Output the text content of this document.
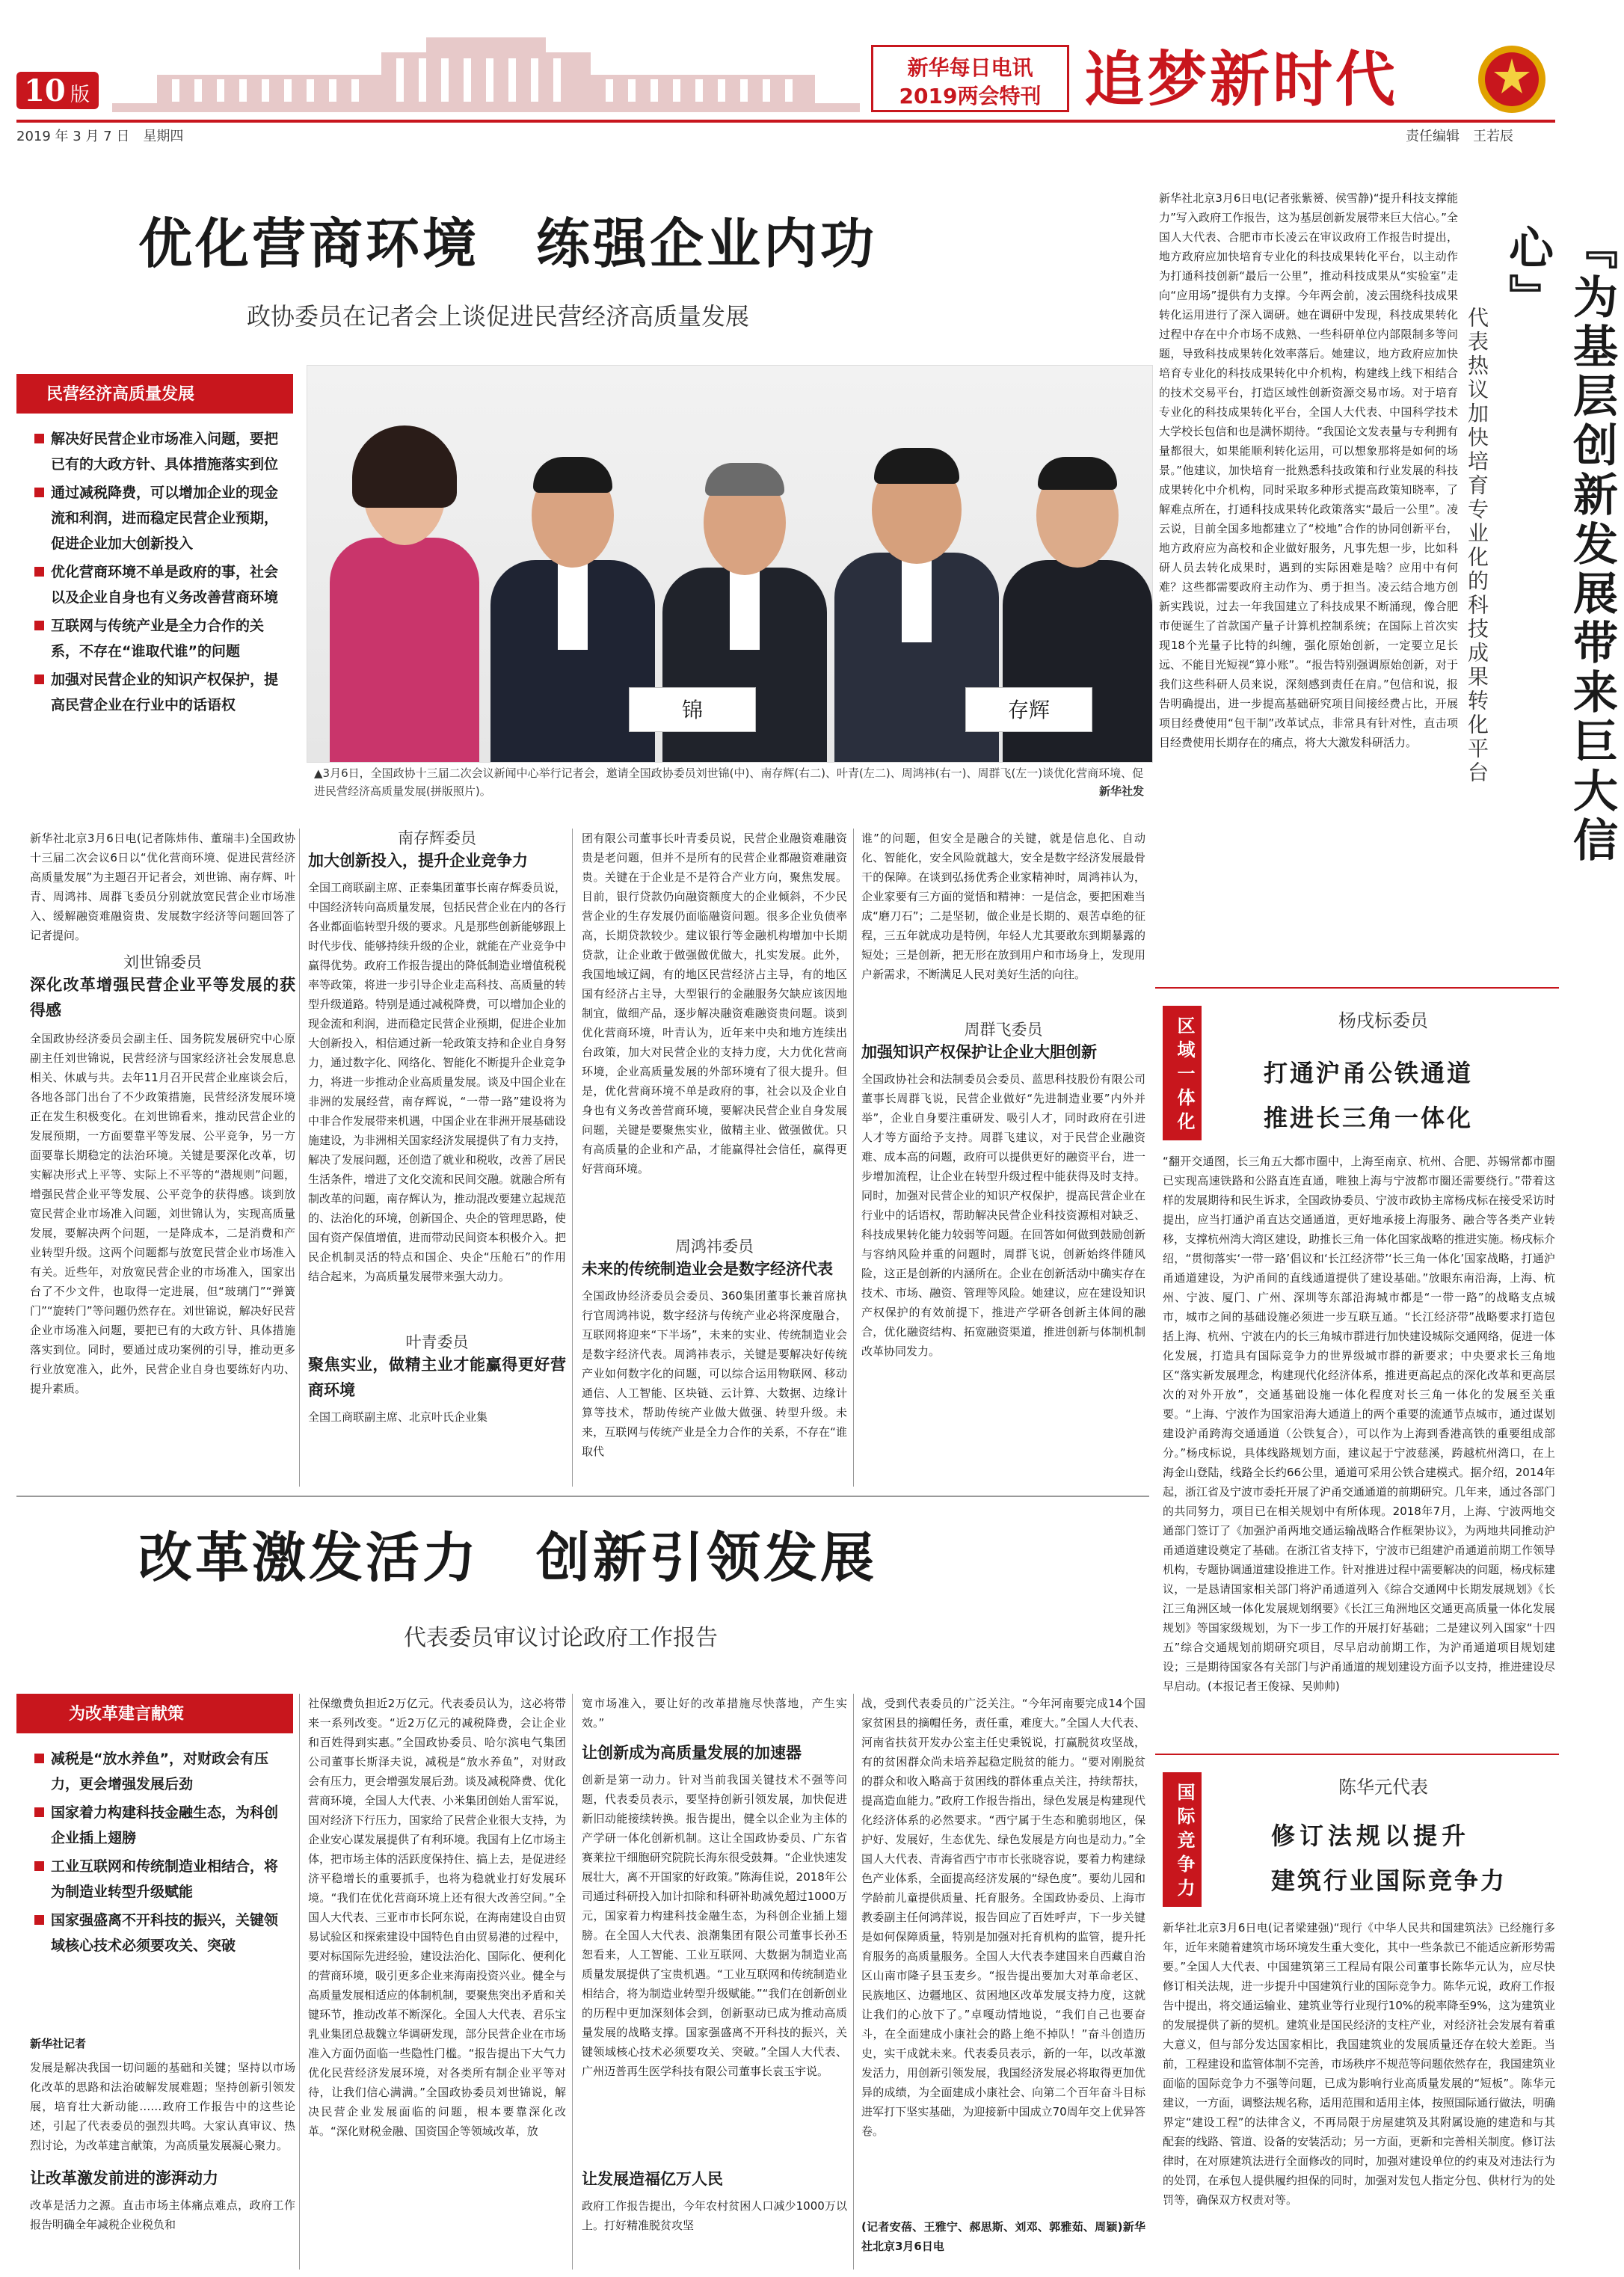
10 版
新华每日电讯
2019两会特刊 追梦新时代
2019 年 3 月 7 日　星期四	责任编辑　王若辰
优化营商环境　练强企业内功
政协委员在记者会上谈促进民营经济高质量发展
民营经济高质量发展
解决好民营企业市场准入问题，要把已有的大政方针、具体措施落实到位
通过减税降费，可以增加企业的现金流和利润，进而稳定民营企业预期，促进企业加大创新投入
优化营商环境不单是政府的事，社会以及企业自身也有义务改善营商环境
互联网与传统产业是全力合作的关系，不存在“谁取代谁”的问题
加强对民营企业的知识产权保护，提高民营企业在行业中的话语权	锦	存辉
▲3月6日，全国政协十三届二次会议新闻中心举行记者会，邀请全国政协委员刘世锦(中)、南存辉(右二)、叶青(左二)、周鸿祎(右一)、周群飞(左一)谈优化营商环境、促进民营经济高质量发展(拼版照片)。	新华社发
新华社北京3月6日电(记者陈炜伟、董瑞丰)全国政协十三届二次会议6日以“优化营商环境、促进民营经济高质量发展”为主题召开记者会，刘世锦、南存辉、叶青、周鸿祎、周群飞委员分别就放宽民营企业市场准入、缓解融资难融资贵、发展数字经济等问题回答了记者提问。
刘世锦委员
深化改革增强民营企业平等发展的获得感
全国政协经济委员会副主任、国务院发展研究中心原副主任刘世锦说，民营经济与国家经济社会发展息息相关、休戚与共。去年11月召开民营企业座谈会后，各地各部门出台了不少政策措施，民营经济发展环境正在发生积极变化。在刘世锦看来，推动民营企业的发展预期，一方面要靠平等发展、公平竞争，另一方面要靠长期稳定的法治环境。关键是要深化改革，切实解决形式上平等、实际上不平等的“潜规则”问题，增强民营企业平等发展、公平竞争的获得感。谈到放宽民营企业市场准入问题，刘世锦认为，实现高质量发展，要解决两个问题，一是降成本，二是消费和产业转型升级。这两个问题都与放宽民营企业市场准入有关。近些年，对放宽民营企业的市场准入，国家出台了不少文件，也取得一定进展，但“玻璃门”“弹簧门”“旋转门”等问题仍然存在。刘世锦说，解决好民营企业市场准入问题，要把已有的大政方针、具体措施落实到位。同时，要通过成功案例的引导，推动更多行业放宽准入，此外，民营企业自身也要练好内功、提升素质。
南存辉委员
加大创新投入，提升企业竞争力
全国工商联副主席、正泰集团董事长南存辉委员说，中国经济转向高质量发展，包括民营企业在内的各行各业都面临转型升级的要求。凡是那些创新能够跟上时代步伐、能够持续升级的企业，就能在产业竞争中赢得优势。政府工作报告提出的降低制造业增值税税率等政策，将进一步引导企业走高科技、高质量的转型升级道路。特别是通过减税降费，可以增加企业的现金流和利润，进而稳定民营企业预期，促进企业加大创新投入，相信通过新一轮政策支持和企业自身努力，通过数字化、网络化、智能化不断提升企业竞争力，将进一步推动企业高质量发展。谈及中国企业在非洲的发展经营，南存辉说，“一带一路”建设将为中非合作发展带来机遇，中国企业在非洲开展基础设施建设，为非洲相关国家经济发展提供了有力支持，解决了发展问题，还创造了就业和税收，改善了居民生活条件，增进了文化交流和民间交融。就融合所有制改革的问题，南存辉认为，推动混改要建立起规范的、法治化的环境，创新国企、央企的管理思路，使国有资产保值增值，进而带动民间资本积极介入。把民企机制灵活的特点和国企、央企“压舱石”的作用结合起来，为高质量发展带来强大动力。
叶青委员
聚焦实业，做精主业才能赢得更好营商环境
全国工商联副主席、北京叶氏企业集
团有限公司董事长叶青委员说，民营企业融资难融资贵是老问题，但并不是所有的民营企业都融资难融资贵。关键在于企业是不是符合产业方向，聚焦发展。目前，银行贷款仍向融资额度大的企业倾斜，不少民营企业的生存发展仍面临融资问题。很多企业负债率高，长期贷款较少。建议银行等金融机构增加中长期贷款，让企业敢于做强做优做大，扎实发展。此外，我国地域辽阔，有的地区民营经济占主导，有的地区国有经济占主导，大型银行的金融服务欠缺应该因地制宜，做细产品，逐步解决融资难融资贵问题。谈到优化营商环境，叶青认为，近年来中央和地方连续出台政策，加大对民营企业的支持力度，大力优化营商环境，企业高质量发展的外部环境有了很大提升。但是，优化营商环境不单是政府的事，社会以及企业自身也有义务改善营商环境，要解决民营企业自身发展问题，关键是要聚焦实业，做精主业、做强做优。只有高质量的企业和产品，才能赢得社会信任，赢得更好营商环境。
周鸿祎委员
未来的传统制造业会是数字经济代表
全国政协经济委员会委员、360集团董事长兼首席执行官周鸿祎说，数字经济与传统产业必将深度融合，互联网将迎来“下半场”，未来的实业、传统制造业会是数字经济代表。周鸿祎表示，关键是要解决好传统产业如何数字化的问题，可以综合运用物联网、移动通信、人工智能、区块链、云计算、大数据、边缘计算等技术，帮助传统产业做大做强、转型升级。未来，互联网与传统产业是全力合作的关系，不存在“谁取代
谁”的问题，但安全是融合的关键，就是信息化、自动化、智能化，安全风险就越大，安全是数字经济发展最骨干的保障。在谈到弘扬优秀企业家精神时，周鸿祎认为，企业家要有三方面的觉悟和精神：一是信念，要把困难当成“磨刀石”；二是坚韧，做企业是长期的、艰苦卓绝的征程，三五年就成功是特例，年轻人尤其要敢东到期暴露的短处；三是创新，把无形在放到用户和市场身上，发现用户新需求，不断满足人民对美好生活的向往。
周群飞委员
加强知识产权保护让企业大胆创新
全国政协社会和法制委员会委员、蓝思科技股份有限公司董事长周群飞说，民营企业做好“先进制造业要”内外并举”，企业自身要注重研发、吸引人才，同时政府在引进人才等方面给予支持。周群飞建议，对于民营企业融资难、成本高的问题，政府可以提供更好的融资平台，进一步增加流程，让企业在转型升级过程中能获得及时支持。同时，加强对民营企业的知识产权保护，提高民营企业在行业中的话语权，帮助解决民营企业科技资源相对缺乏、科技成果转化能力较弱等问题。在回答如何做到鼓励创新与容纳风险并重的问题时，周群飞说，创新始终伴随风险，这正是创新的内涵所在。企业在创新活动中确实存在技术、市场、融资、管理等风险。她建议，应在建设知识产权保护的有效前提下，推进产学研各创新主体间的融合，优化融资结构、拓宽融资渠道，推进创新与体制机制改革协同发力。
新华社北京3月6日电(记者张紫赟、侯雪静)“提升科技支撑能力”写入政府工作报告，这为基层创新发展带来巨大信心。”全国人大代表、合肥市市长凌云在审议政府工作报告时提出，地方政府应加快培育专业化的科技成果转化平台，以主动作为打通科技创新“最后一公里”，推动科技成果从“实验室”走向“应用场”提供有力支撑。今年两会前，凌云围绕科技成果转化运用进行了深入调研。她在调研中发现，科技成果转化过程中存在中介市场不成熟、一些科研单位内部限制多等问题，导致科技成果转化效率落后。她建议，地方政府应加快培育专业化的科技成果转化中介机构，构建线上线下相结合的技术交易平台，打造区域性创新资源交易市场。对于培育专业化的科技成果转化平台，全国人大代表、中国科学技术大学校长包信和也是满怀期待。“我国论文发表量与专利拥有量都很大，如果能顺利转化运用，可以想象那将是如何的场景。”他建议，加快培育一批熟悉科技政策和行业发展的科技成果转化中介机构，同时采取多种形式提高政策知晓率，了解难点所在，打通科技成果转化政策落实“最后一公里”。凌云说，目前全国多地都建立了“校地”合作的协同创新平台，地方政府应为高校和企业做好服务，凡事先想一步，比如科研人员去转化成果时，遇到的实际困难是啥？应用中有何难？这些都需要政府主动作为、勇于担当。凌云结合地方创新实践说，过去一年我国建立了科技成果不断涌现，像合肥市便诞生了首款国产量子计算机控制系统；在国际上首次实现18个光量子比特的纠缠，强化原始创新，一定要立足长远、不能目光短视“算小账”。“报告特别强调原始创新，对于我们这些科研人员来说，深刻感到责任在肩。”包信和说，报告明确提出，进一步提高基础研究项目间接经费占比，开展项目经费使用“包干制”改革试点，非常具有针对性，直击项目经费使用长期存在的痛点，将大大激发科研活力。	『为基层创新发展带来巨大信心』
代表热议加快培育专业化的科技成果转化平台
区域一体化	杨戌标委员
打通沪甬公铁通道
推进长三角一体化
“翻开交通图，长三角五大都市圈中，上海至南京、杭州、合肥、苏锡常都市圈已实现高速铁路和公路直连直通，唯独上海与宁波都市圈还需要绕行。”带着这样的发展期待和民生诉求，全国政协委员、宁波市政协主席杨戌标在接受采访时提出，应当打通沪甬直达交通通道，更好地承接上海服务、融合等各类产业转移，支撑杭州湾大湾区建设，助推长三角一体化国家战略的推进实施。杨戌标介绍，“贯彻落实‘一带一路’倡议和‘长江经济带’‘长三角一体化’国家战略，打通沪甬通道建设，为沪甬间的直线通道提供了建设基础。”放眼东南沿海，上海、杭州、宁波、厦门、广州、深圳等东部沿海城市都是“一带一路”的战略支点城市，城市之间的基础设施必须进一步互联互通。“长江经济带”战略要求打造包括上海、杭州、宁波在内的长三角城市群进行加快建设城际交通网络，促进一体化发展，打造具有国际竞争力的世界级城市群的新要求；中央要求长三角地区“落实新发展理念，构建现代化经济体系，推进更高起点的深化改革和更高层次的对外开放”，交通基础设施一体化程度对长三角一体化的发展至关重要。“上海、宁波作为国家沿海大通道上的两个重要的流通节点城市，通过谋划建设沪甬跨海交通通道（公铁复合），可以作为上海到香港高铁的重要组成部分。”杨戌标说，具体线路规划方面，建议起于宁波慈溪，跨越杭州湾口，在上海金山登陆，线路全长约66公里，通道可采用公铁合建模式。据介绍，2014年起，浙江省及宁波市委托开展了沪甬交通通道的前期研究。几年来，通过各部门的共同努力，项目已在相关规划中有所体现。2018年7月，上海、宁波两地交通部门签订了《加强沪甬两地交通运输战略合作框架协议》，为两地共同推动沪甬通道建设奠定了基础。在浙江省支持下，宁波市已组建沪甬通道前期工作领导机构，专题协调通道建设推进工作。针对推进过程中需要解决的问题，杨戌标建议，一是恳请国家相关部门将沪甬通道列入《综合交通网中长期发展规划》《长江三角洲区域一体化发展规划纲要》《长江三角洲地区交通更高质量一体化发展规划》等国家级规划，为下一步工作的开展打好基础；二是建议列入国家“十四五”综合交通规划前期研究项目，尽早启动前期工作，为沪甬通道项目规划建设；三是期待国家各有关部门与沪甬通道的规划建设方面予以支持，推进建设尽早启动。(本报记者王俊禄、吴帅帅)
国际竞争力	陈华元代表
修订法规以提升
建筑行业国际竞争力
新华社北京3月6日电(记者梁建强)“现行《中华人民共和国建筑法》已经施行多年，近年来随着建筑市场环境发生重大变化，其中一些条款已不能适应新形势需要。”全国人大代表、中国建筑第三工程局有限公司董事长陈华元认为，应尽快修订相关法规，进一步提升中国建筑行业的国际竞争力。陈华元说，政府工作报告中提出，将交通运输业、建筑业等行业现行10%的税率降至9%，这为建筑业的发展提供了新的契机。建筑业是国民经济的支柱产业，对经济社会发展有着重大意义，但与部分发达国家相比，我国建筑业的发展质量还存在较大差距。当前，工程建设和监管体制不完善，市场秩序不规范等问题依然存在，我国建筑业面临的国际竞争力不强等问题，已成为影响行业高质量发展的“短板”。陈华元建议，一方面，调整法规名称，适用范围和适用主体，按照国际通行做法，明确界定“建设工程”的法律含义，不再局限于房屋建筑及其附属设施的建造和与其配套的线路、管道、设备的安装活动；另一方面，更新和完善相关制度。修订法律时，在对原建筑法进行全面修改的同时，加强对建设单位的约束及对违法行为的处罚，在承包人提供履约担保的同时，加强对发包人指定分包、供材行为的处罚等，确保双方权责对等。
改革激发活力　创新引领发展
代表委员审议讨论政府工作报告
为改革建言献策
减税是“放水养鱼”，对财政会有压力，更会增强发展后劲
国家着力构建科技金融生态，为科创企业插上翅膀
工业互联网和传统制造业相结合，将为制造业转型升级赋能
国家强盛离不开科技的振兴，关键领域核心技术必须要攻关、突破
新华社记者
发展是解决我国一切问题的基础和关键；坚持以市场化改革的思路和法治破解发展难题；坚持创新引领发展，培育壮大新动能……政府工作报告中的这些论述，引起了代表委员的强烈共鸣。大家认真审议、热烈讨论，为改革建言献策，为高质量发展凝心聚力。
让改革激发前进的澎湃动力
改革是活力之源。直击市场主体痛点难点，政府工作报告明确全年减税企业税负和
社保缴费负担近2万亿元。代表委员认为，这必将带来一系列改变。“近2万亿元的减税降费，会让企业和百姓得到实惠。”全国政协委员、哈尔滨电气集团公司董事长斯泽夫说，减税是“放水养鱼”，对财政会有压力，更会增强发展后劲。谈及减税降费、优化营商环境，全国人大代表、小米集团创始人雷军说，国对经济下行压力，国家给了民营企业很大支持，为企业安心谋发展提供了有利环境。我国有上亿市场主体，把市场主体的活跃度保持住、搞上去，是促进经济平稳增长的重要抓手，也将为稳就业打好发展环境。“我们在优化营商环境上还有很大改善空间。”全国人大代表、三亚市市长阿东说，在海南建设自由贸易试验区和探索建设中国特色自由贸易港的过程中，要对标国际先进经验，建设法治化、国际化、便利化的营商环境，吸引更多企业来海南投资兴业。健全与高质量发展相适应的体制机制，要聚焦突出矛盾和关键环节，推动改革不断深化。全国人大代表、君乐宝乳业集团总裁魏立华调研发现，部分民营企业在市场准入方面仍面临一些隐性门槛。“报告提出下大气力优化民营经济发展环境，对各类所有制企业平等对待，让我们信心满满。”全国政协委员刘世锦说，解决民营企业发展面临的问题，根本要靠深化改革。“深化财税金融、国资国企等领域改革，放
宽市场准入，要让好的改革措施尽快落地，产生实效。”
让创新成为高质量发展的加速器
创新是第一动力。针对当前我国关键技术不强等问题，代表委员表示，要坚持创新引领发展，加快促进新旧动能接续转换。报告提出，健全以企业为主体的产学研一体化创新机制。这让全国政协委员、广东省赛莱拉干细胞研究院院长海东很受鼓舞。“企业快速发展壮大，离不开国家的好政策。”陈海佳说，2018年公司通过科研投入加计扣除和科研补助减免超过1000万元，国家着力构建科技金融生态，为科创企业插上翅膀。在全国人大代表、浪潮集团有限公司董事长孙丕恕看来，人工智能、工业互联网、大数据为制造业高质量发展提供了宝贵机遇。“工业互联网和传统制造业相结合，将为制造业转型升级赋能。”“我们在创新创业的历程中更加深刻体会到，创新驱动已成为推动高质量发展的战略支撑。国家强盛离不开科技的振兴，关键领域核心技术必须要攻关、突破。”全国人大代表、广州迈普再生医学科技有限公司董事长袁玉宇说。
让发展造福亿万人民
政府工作报告提出，今年农村贫困人口减少1000万以上。打好精准脱贫攻坚
战，受到代表委员的广泛关注。“今年河南要完成14个国家贫困县的摘帽任务，责任重，难度大。”全国人大代表、河南省扶贫开发办公室主任史秉锐说，打赢脱贫攻坚战，有的贫困群众尚未培养起稳定脱贫的能力。“要对刚脱贫的群众和收入略高于贫困线的群体重点关注，持续帮扶，提高造血能力。”政府工作报告指出，绿色发展是构建现代化经济体系的必然要求。“西宁属于生态和脆弱地区，保护好、发展好，生态优先、绿色发展是方向也是动力。”全国人大代表、青海省西宁市市长张晓容说，要着力构建绿色产业体系，全面提高经济发展的“绿色度”。要幼儿园和学龄前儿童提供质量、托育服务。全国政协委员、上海市教委副主任何鸿萍说，报告回应了百姓呼声，下一步关键是如何保障质量，特别是加强对托育机构的监管，提升托育服务的高质量服务。全国人大代表李建国来自西藏自治区山南市隆子县玉麦乡。“报告提出要加大对革命老区、民族地区、边疆地区、贫困地区改革发展支持力度，这就让我们的心放下了。”卓嘎动情地说，“我们自己也要奋斗，在全面建成小康社会的路上绝不掉队！”奋斗创造历史，实干成就未来。代表委员表示，新的一年，以改革激发活力，用创新引领发展，我国经济发展必将取得更加优异的成绩，为全面建成小康社会、向第二个百年奋斗目标进军打下坚实基础，为迎接新中国成立70周年交上优异答卷。
(记者安蓓、王雅宁、郝思斯、刘邓、郭雅茹、周颖)新华社北京3月6日电
